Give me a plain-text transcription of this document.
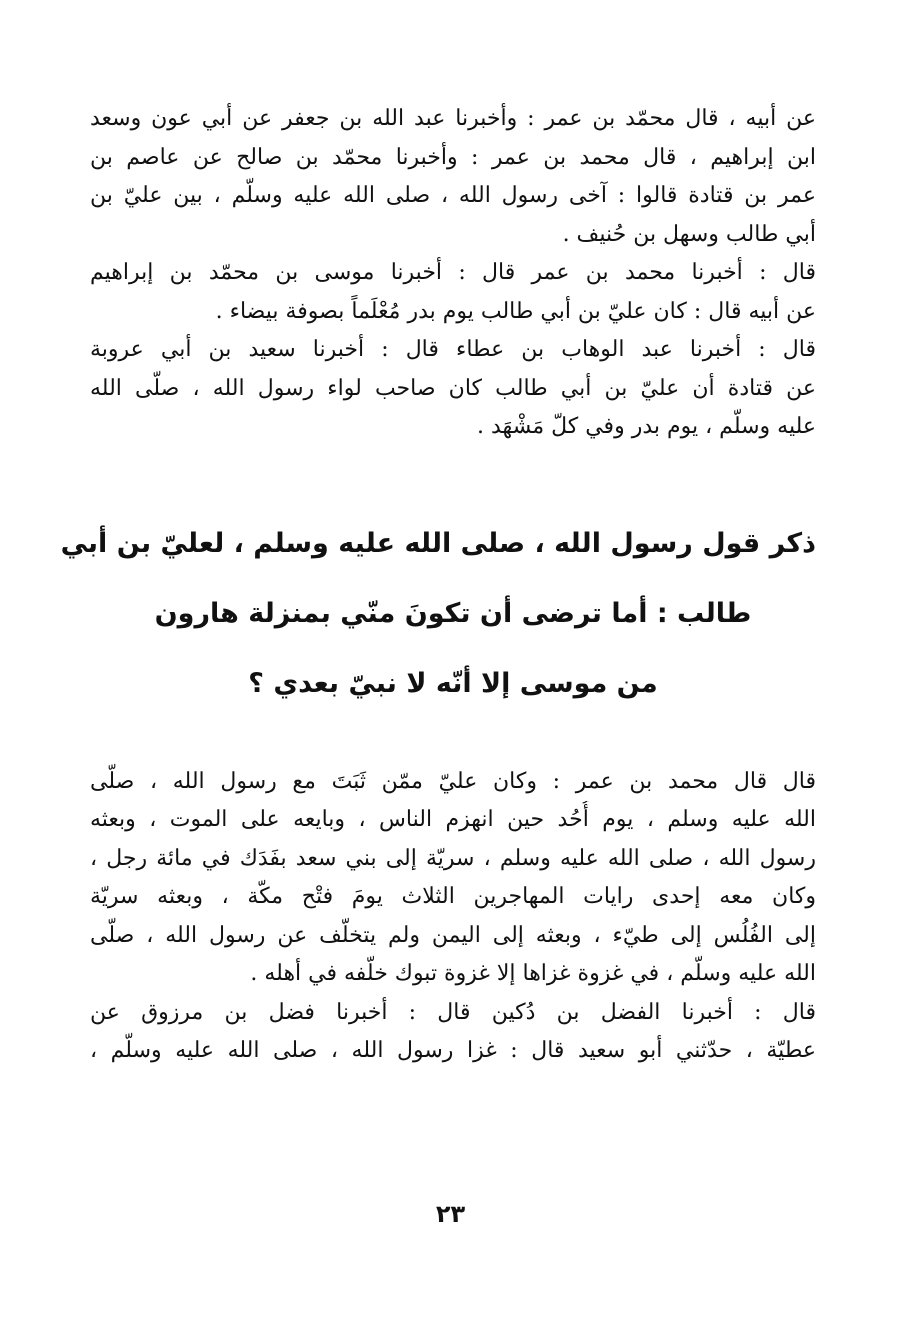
عن أبيه ، قال محمّد بن عمر : وأخبرنا عبد الله بن جعفر عن أبي عون وسعد
ابن إبراهيم ، قال محمد بن عمر : وأخبرنا محمّد بن صالح عن عاصم بن
عمر بن قتادة قالوا : آخى رسول الله ، صلى الله عليه وسلّم ، بين عليّ بن
أبي طالب وسهل بن حُنيف .

قال : أخبرنا محمد بن عمر قال : أخبرنا موسى بن محمّد بن إبراهيم
عن أبيه قال : كان عليّ بن أبي طالب يوم بدر مُعْلَماً بصوفة بيضاء .

قال : أخبرنا عبد الوهاب بن عطاء قال : أخبرنا سعيد بن أبي عروبة
عن قتادة أن عليّ بن أبي طالب كان صاحب لواء رسول الله ، صلّى الله
عليه وسلّم ، يوم بدر وفي كلّ مَشْهَد .

ذكر قول رسول الله ، صلى الله عليه وسلم ، لعليّ بن أبي
طالب : أما ترضى أن تكونَ منّي بمنزلة هارون
من موسى إلا أنّه لا نبيّ بعدي ؟

قال قال محمد بن عمر : وكان عليّ ممّن ثَبَتَ مع رسول الله ، صلّى
الله عليه وسلم ، يوم أُحُد حين انهزم الناس ، وبايعه على الموت ، وبعثه
رسول الله ، صلى الله عليه وسلم ، سريّة إلى بني سعد بفَدَك في مائة رجل ،
وكان معه إحدى رايات المهاجرين الثلاث يومَ فتْح مكّة ، وبعثه سريّة
إلى الفُلُس إلى طيّء ، وبعثه إلى اليمن ولم يتخلّف عن رسول الله ، صلّى
الله عليه وسلّم ، في غزوة غزاها إلا غزوة تبوك خلّفه في أهله .

قال : أخبرنا الفضل بن دُكين قال : أخبرنا فضل بن مرزوق عن
عطيّة ، حدّثني أبو سعيد قال : غزا رسول الله ، صلى الله عليه وسلّم ،

٢٣
